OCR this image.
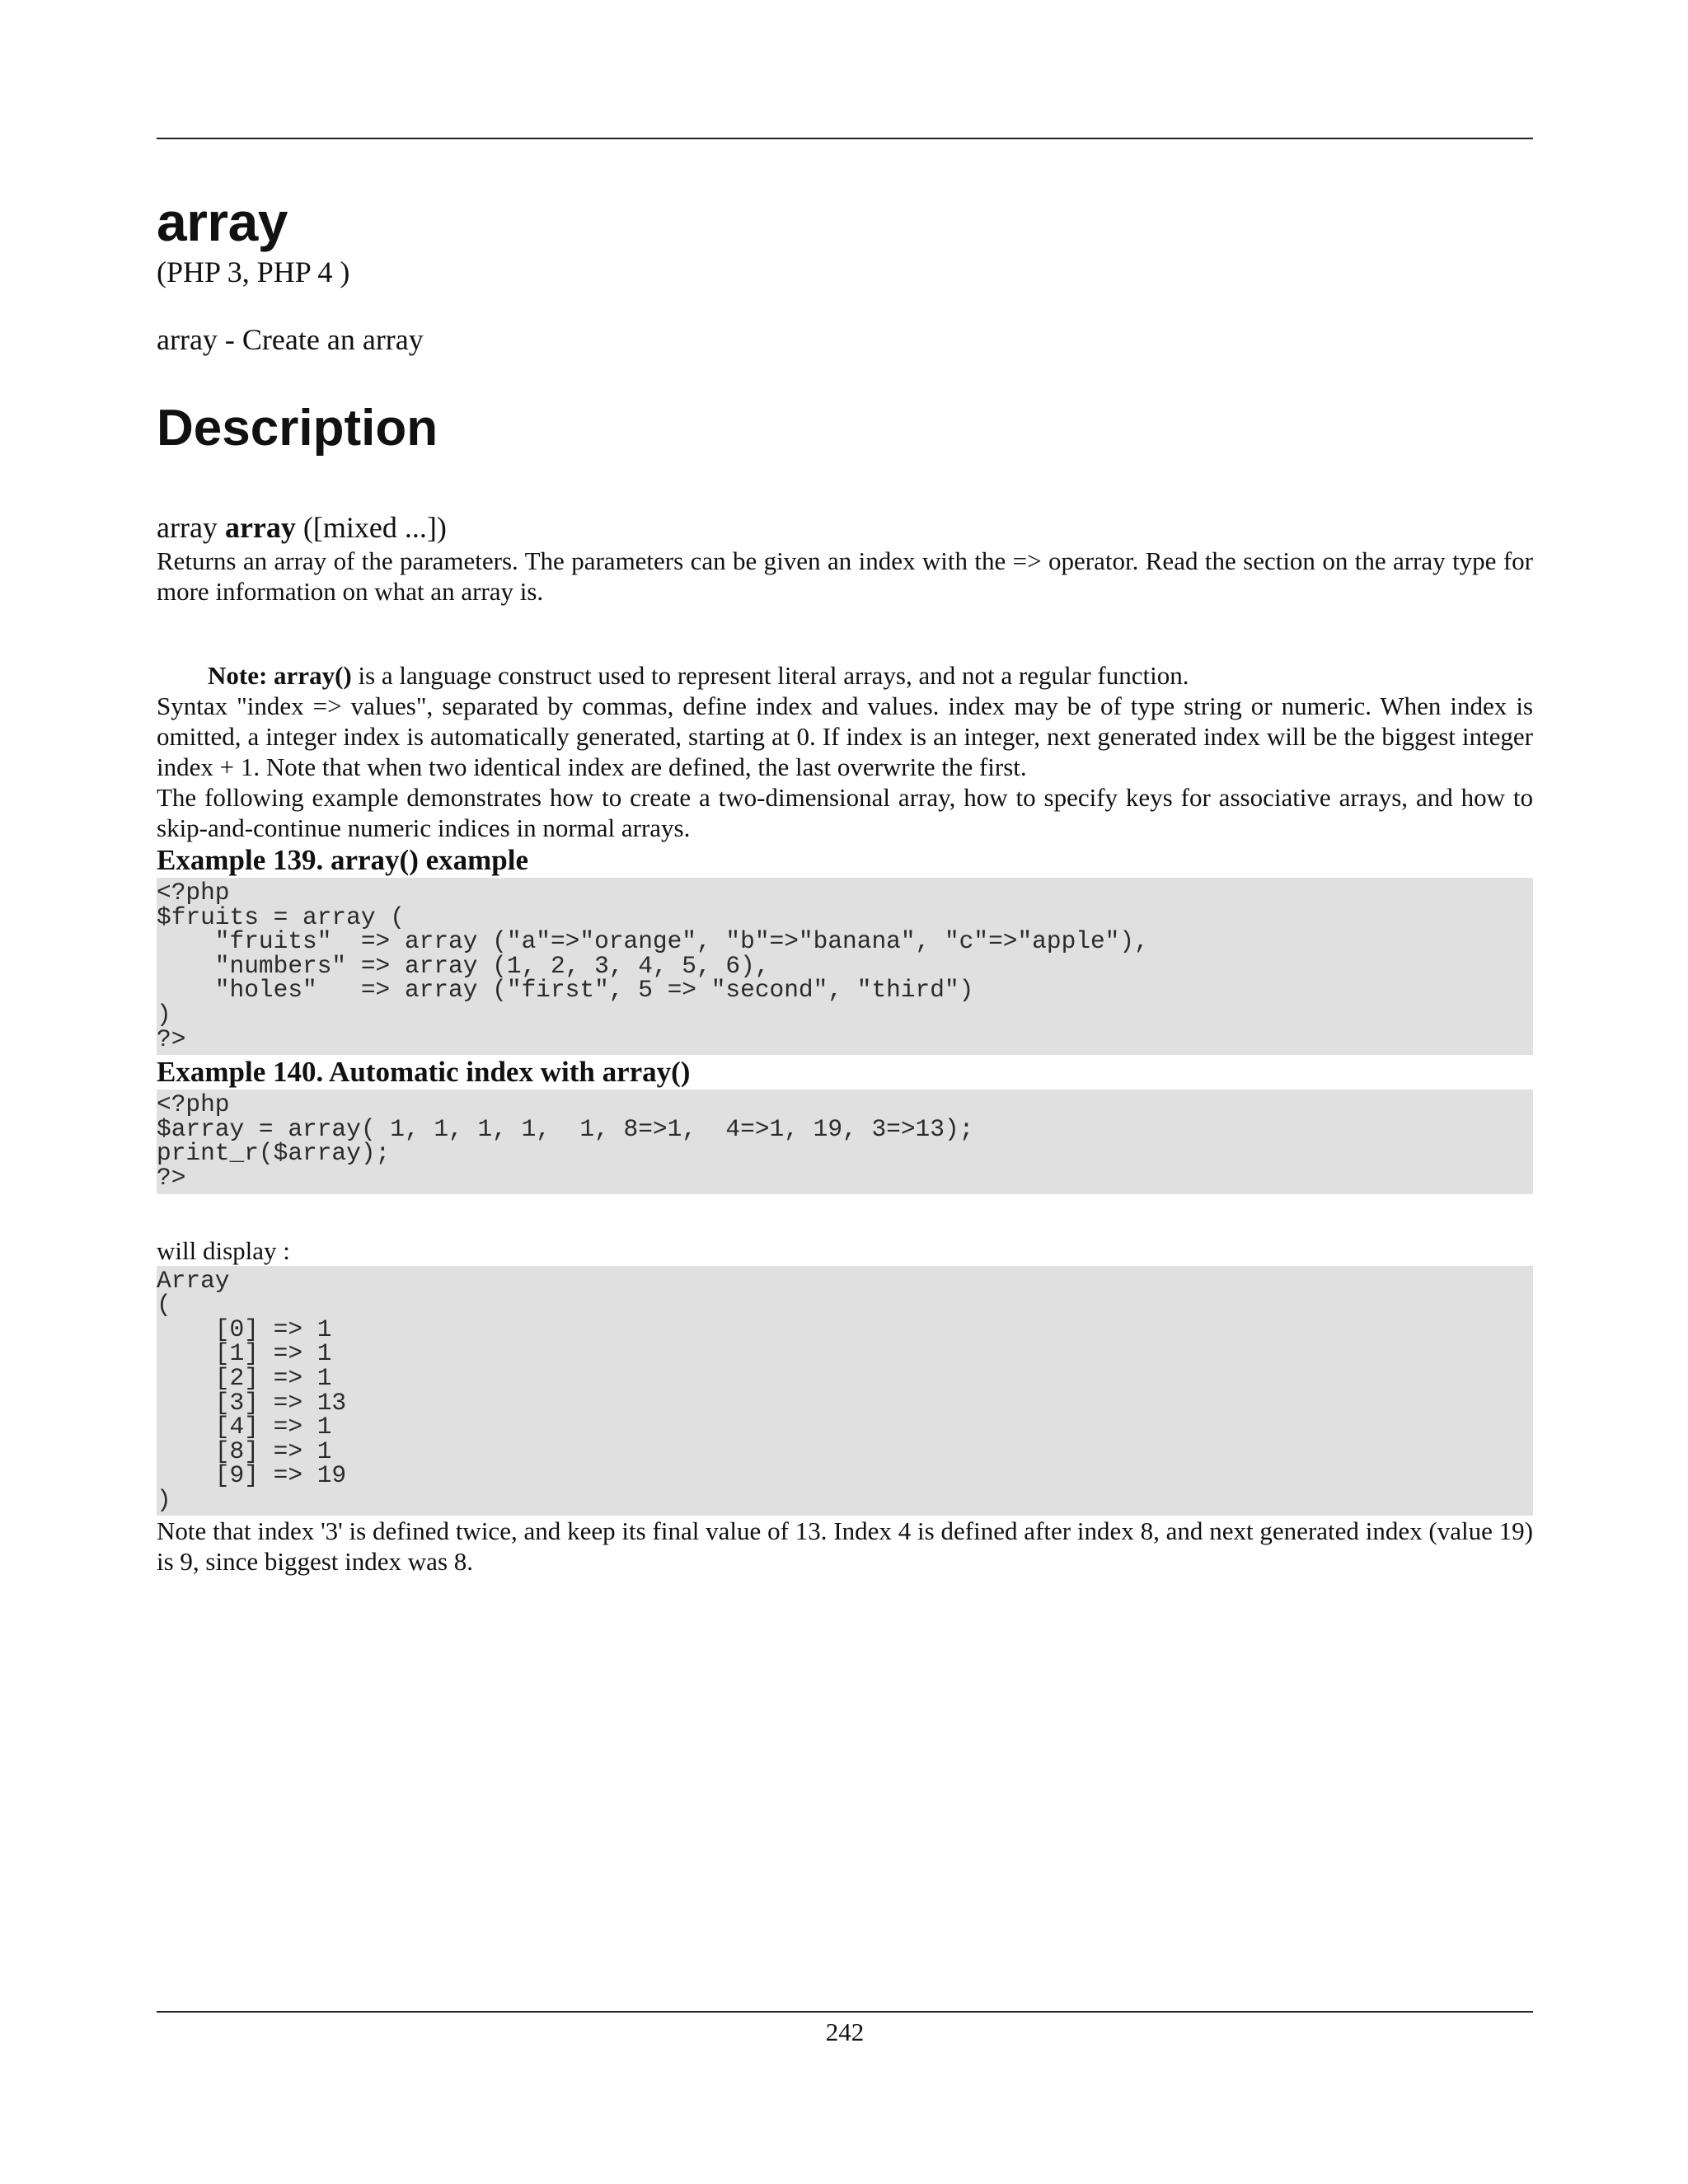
array

(PHP 3, PHP 4 )

array - Create an array

Description

array array ([mixed ...])

Returns an array of the parameters. The parameters can be given an index with the => operator. Read the section on the array type for more information on what an array is.

Note: array() is a language construct used to represent literal arrays, and not a regular function.

Syntax "index => values", separated by commas, define index and values. index may be of type string or numeric. When index is omitted, a integer index is automatically generated, starting at 0. If index is an integer, next generated index will be the biggest integer index + 1. Note that when two identical index are defined, the last overwrite the first.

The following example demonstrates how to create a two-dimensional array, how to specify keys for associative arrays, and how to skip-and-continue numeric indices in normal arrays.

Example 139. array() example
<?php
$fruits = array (
"fruits"  => array ("a"=>"orange", "b"=>"banana", "c"=>"apple"),
"numbers" => array (1, 2, 3, 4, 5, 6),
"holes"   => array ("first", 5 => "second", "third")
)
?>
Example 140. Automatic index with array()
<?php
$array = array( 1, 1, 1, 1,  1, 8=>1,  4=>1, 19, 3=>13);
print_r($array);
?>

will display :

Array
(
[0] => 1
[1] => 1
[2] => 1
[3] => 13
[4] => 1
[8] => 1
[9] => 19
)

Note that index '3' is defined twice, and keep its final value of 13. Index 4 is defined after index 8, and next generated index (value 19) is 9, since biggest index was 8.

242
